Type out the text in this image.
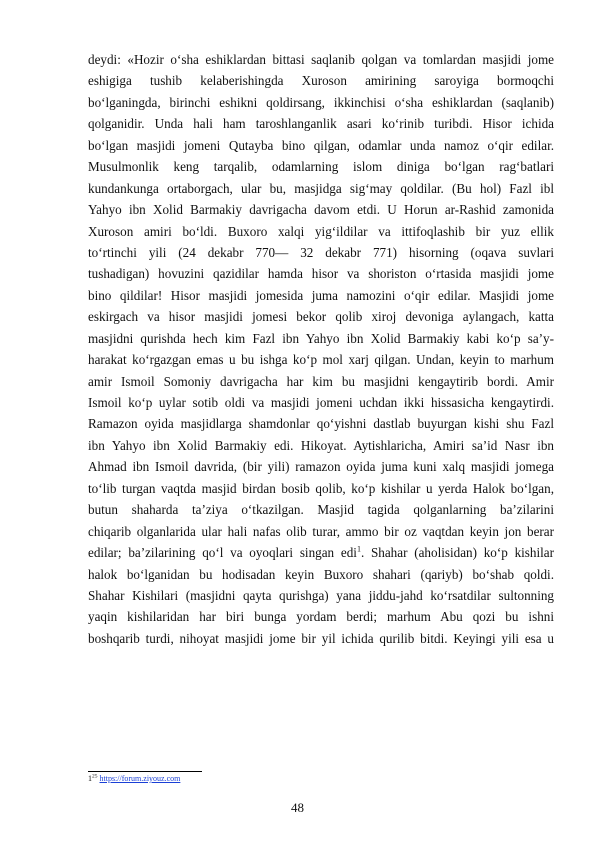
deydi: «Hozir o‘sha eshiklardan bittasi saqlanib qolgan va tomlardan masjidi jome
eshigiga tushib kelaberishingda Xuroson amirining saroyiga bormoqchi
bo‘lganingda, birinchi eshikni qoldirsang, ikkinchisi o‘sha eshiklardan (saqlanib)
qolganidir. Unda hali ham taroshlanganlik asari ko‘rinib turibdi. Hisor ichida
bo‘lgan masjidi jomeni Qutayba bino qilgan, odamlar unda namoz o‘qir edilar.
Musulmonlik keng tarqalib, odamlarning islom diniga bo‘lgan rag‘batlari
kundankunga ortaborgach, ular bu, masjidga sig‘may qoldilar. (Bu hol) Fazl ibl
Yahyo ibn Xolid Barmakiy davrigacha davom etdi. U Horun ar-Rashid zamonida
Xuroson amiri bo‘ldi. Buxoro xalqi yig‘ildilar va ittifoqlashib bir yuz ellik
to‘rtinchi yili (24 dekabr 770— 32 dekabr 771) hisorning (oqava suvlari
tushadigan) hovuzini qazidilar hamda hisor va shoriston o‘rtasida masjidi jome
bino qildilar! Hisor masjidi jomesida juma namozini o‘qir edilar. Masjidi jome
eskirgach va hisor masjidi jomesi bekor qolib xiroj devoniga aylangach, katta
masjidni qurishda hech kim Fazl ibn Yahyo ibn Xolid Barmakiy kabi ko‘p sa’y-
harakat ko‘rgazgan emas u bu ishga ko‘p mol xarj qilgan. Undan, keyin to marhum
amir Ismoil Somoniy davrigacha har kim bu masjidni kengaytirib bordi. Amir
Ismoil ko‘p uylar sotib oldi va masjidi jomeni uchdan ikki hissasicha kengaytirdi.
Ramazon oyida masjidlarga shamdonlar qo‘yishni dastlab buyurgan kishi shu Fazl
ibn Yahyo ibn Xolid Barmakiy edi. Hikoyat. Aytishlaricha, Amiri sa’id Nasr ibn
Ahmad ibn Ismoil davrida, (bir yili) ramazon oyida juma kuni xalq masjidi jomega
to‘lib turgan vaqtda masjid birdan bosib qolib, ko‘p kishilar u yerda Halok bo‘lgan,
butun shaharda ta’ziya o‘tkazilgan. Masjid tagida qolganlarning ba’zilarini
chiqarib olganlarida ular hali nafas olib turar, ammo bir oz vaqtdan keyin jon berar
edilar; ba’zilarining qo‘l va oyoqlari singan edi$^1$. Shahar (aholisidan) ko‘p kishilar
halok bo‘lganidan bu hodisadan keyin Buxoro shahari (qariyb) bo‘shab qoldi.
Shahar Kishilari (masjidni qayta qurishga) yana jiddu-jahd ko‘rsatdilar sultonning
yaqin kishilaridan har biri bunga yordam berdi; marhum Abu qozi bu ishni
boshqarib turdi, nihoyat masjidi jome bir yil ichida qurilib bitdi. Keyingi yili esa u
$1^{25}$ https://forum.ziyouz.com
48
